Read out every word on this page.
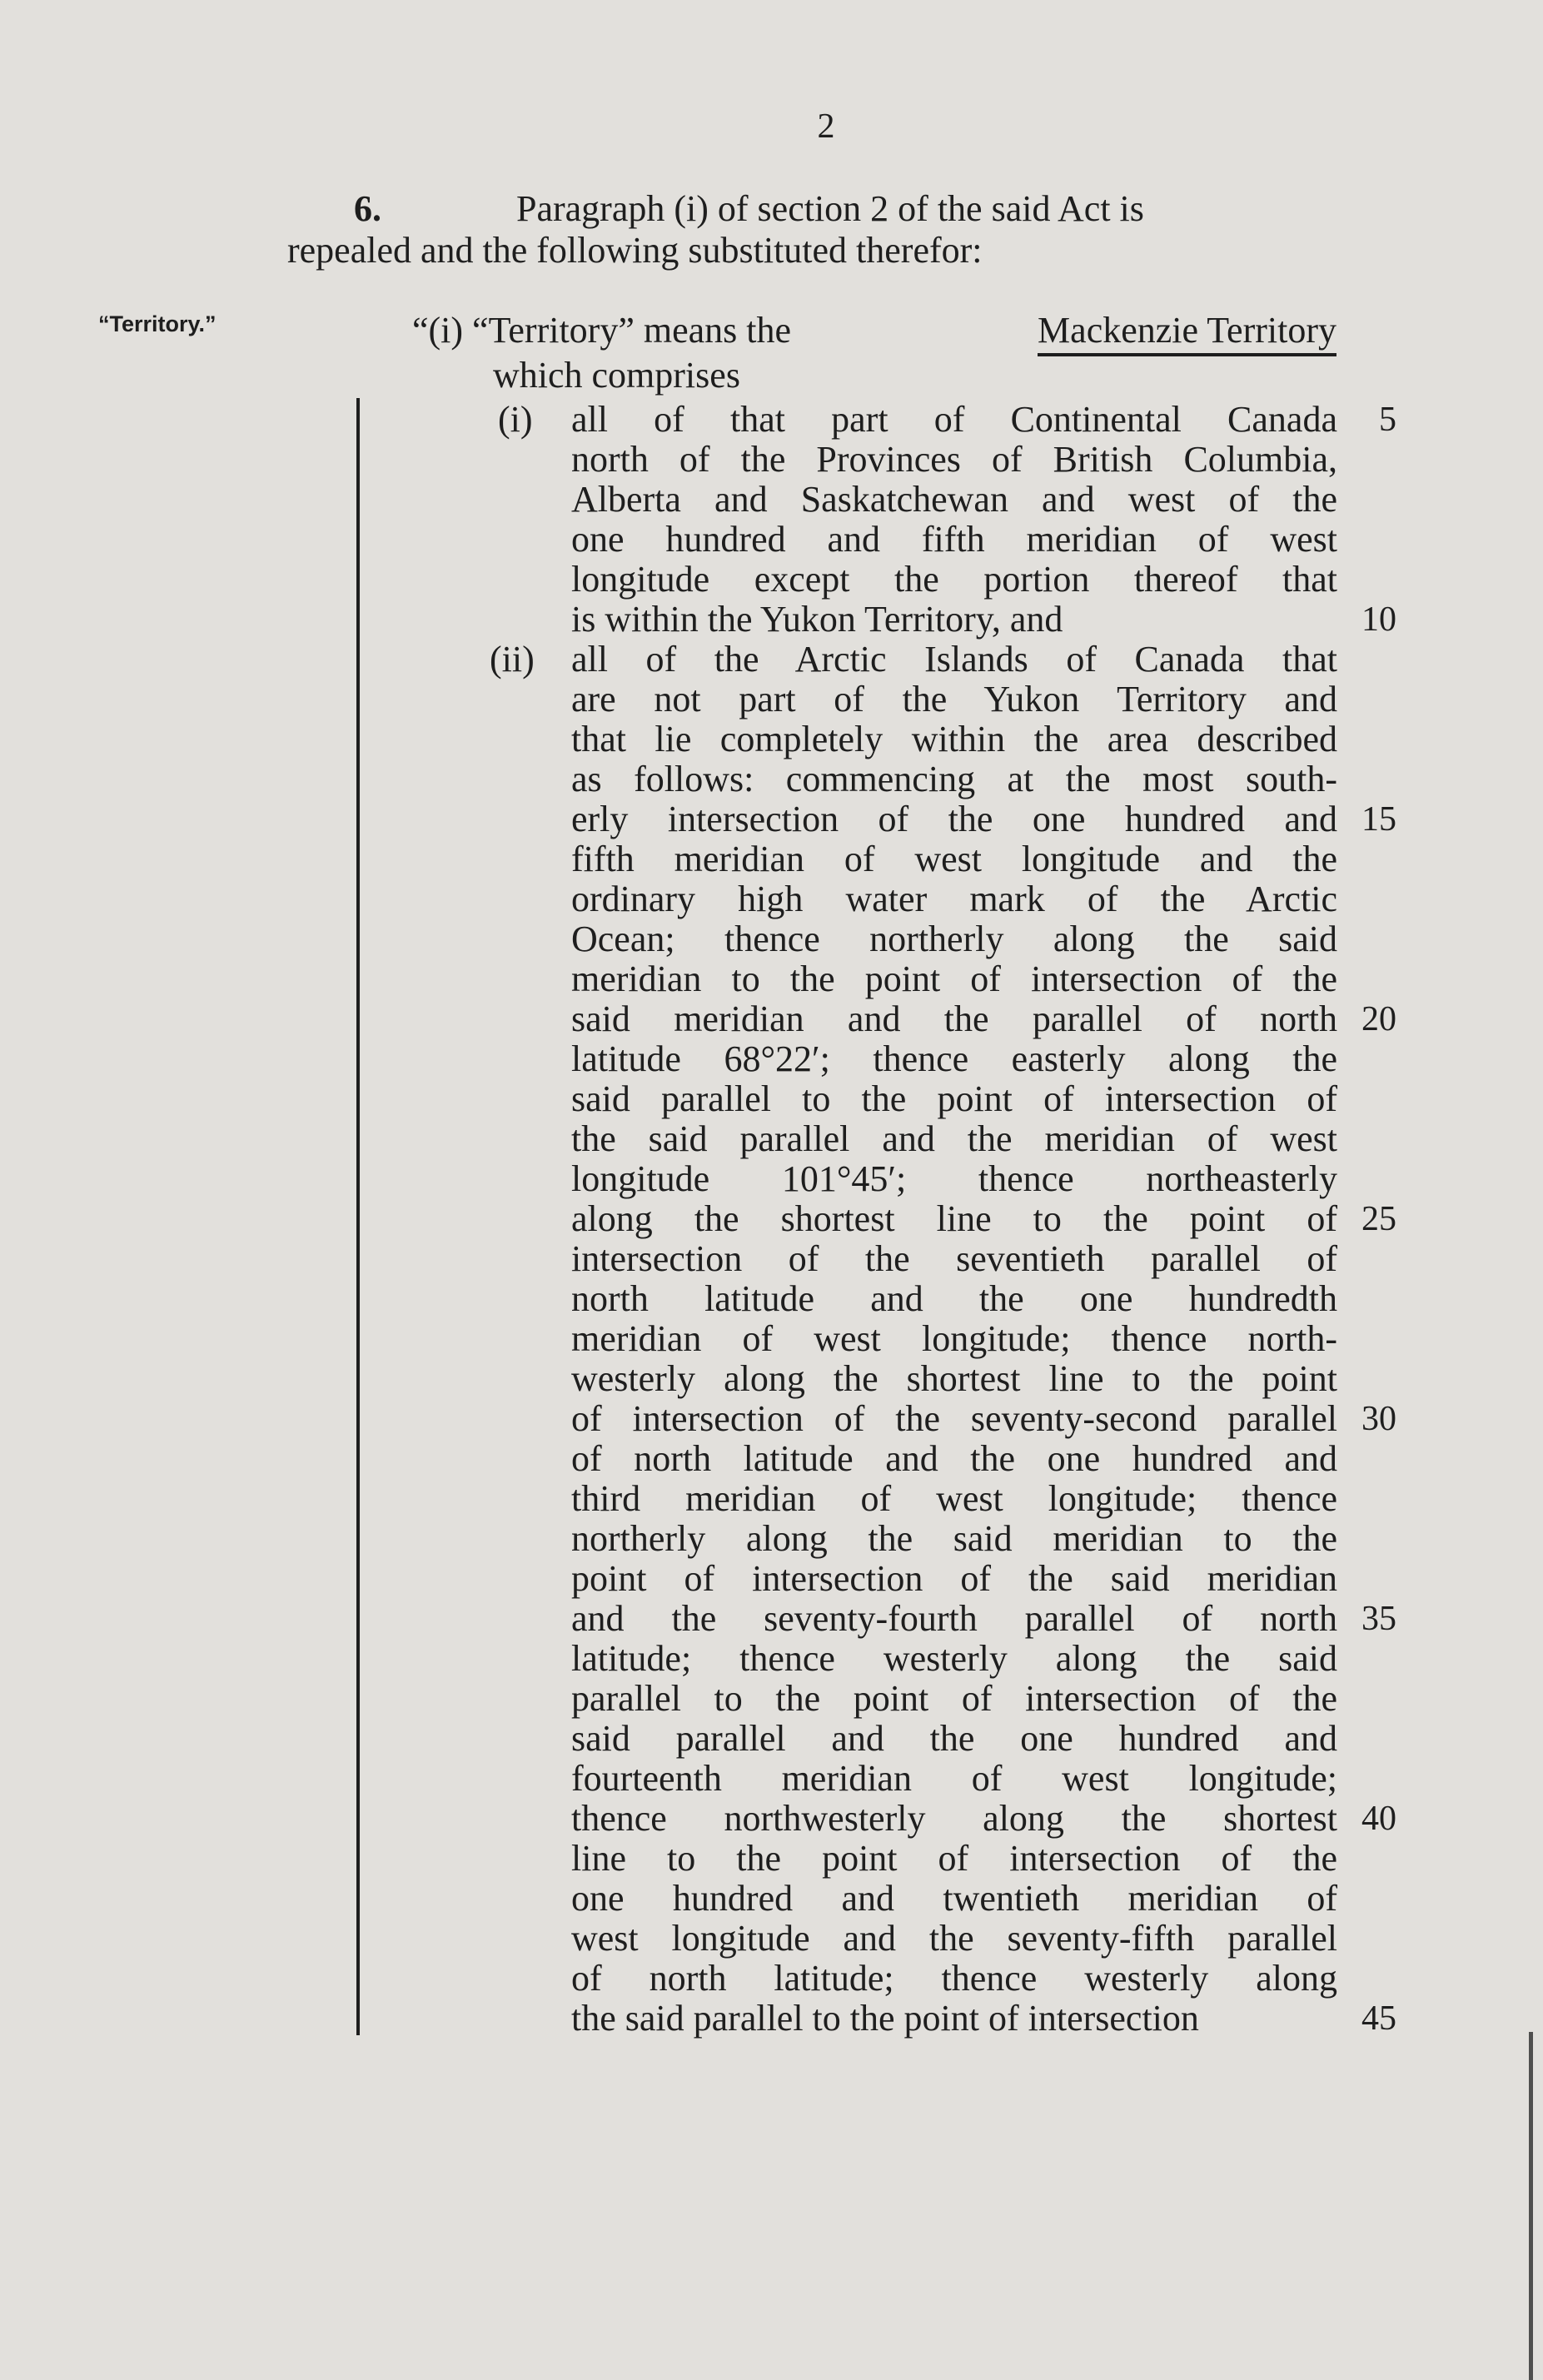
2
6.	Paragraph (i) of section 2 of the said Act is
repealed and the following substituted therefor:
“Territory.”	“(i) “Territory” means the	Mackenzie Territory
which comprises
all of that part of Continental Canada
north of the Provinces of British Columbia,
Alberta and Saskatchewan and west of the
one hundred and fifth meridian of west
longitude except the portion thereof that
is within the Yukon Territory, and
all of the Arctic Islands of Canada that
are not part of the Yukon Territory and
that lie completely within the area described
as follows: commencing at the most south-
erly intersection of the one hundred and
fifth meridian of west longitude and the
ordinary high water mark of the Arctic
Ocean; thence northerly along the said
meridian to the point of intersection of the
said meridian and the parallel of north
latitude 68°22′; thence easterly along the
said parallel to the point of intersection of
the said parallel and the meridian of west
longitude 101°45′; thence northeasterly
along the shortest line to the point of
intersection of the seventieth parallel of
north latitude and the one hundredth
meridian of west longitude; thence north-
westerly along the shortest line to the point
of intersection of the seventy-second parallel
of north latitude and the one hundred and
third meridian of west longitude; thence
northerly along the said meridian to the
point of intersection of the said meridian
and the seventy-fourth parallel of north
latitude; thence westerly along the said
parallel to the point of intersection of the
said parallel and the one hundred and
fourteenth meridian of west longitude;
thence northwesterly along the shortest
line to the point of intersection of the
one hundred and twentieth meridian of
west longitude and the seventy-fifth parallel
of north latitude; thence westerly along
the said parallel to the point of intersection
(i)
(ii)
5
10
15
20
25
30
35
40
45
